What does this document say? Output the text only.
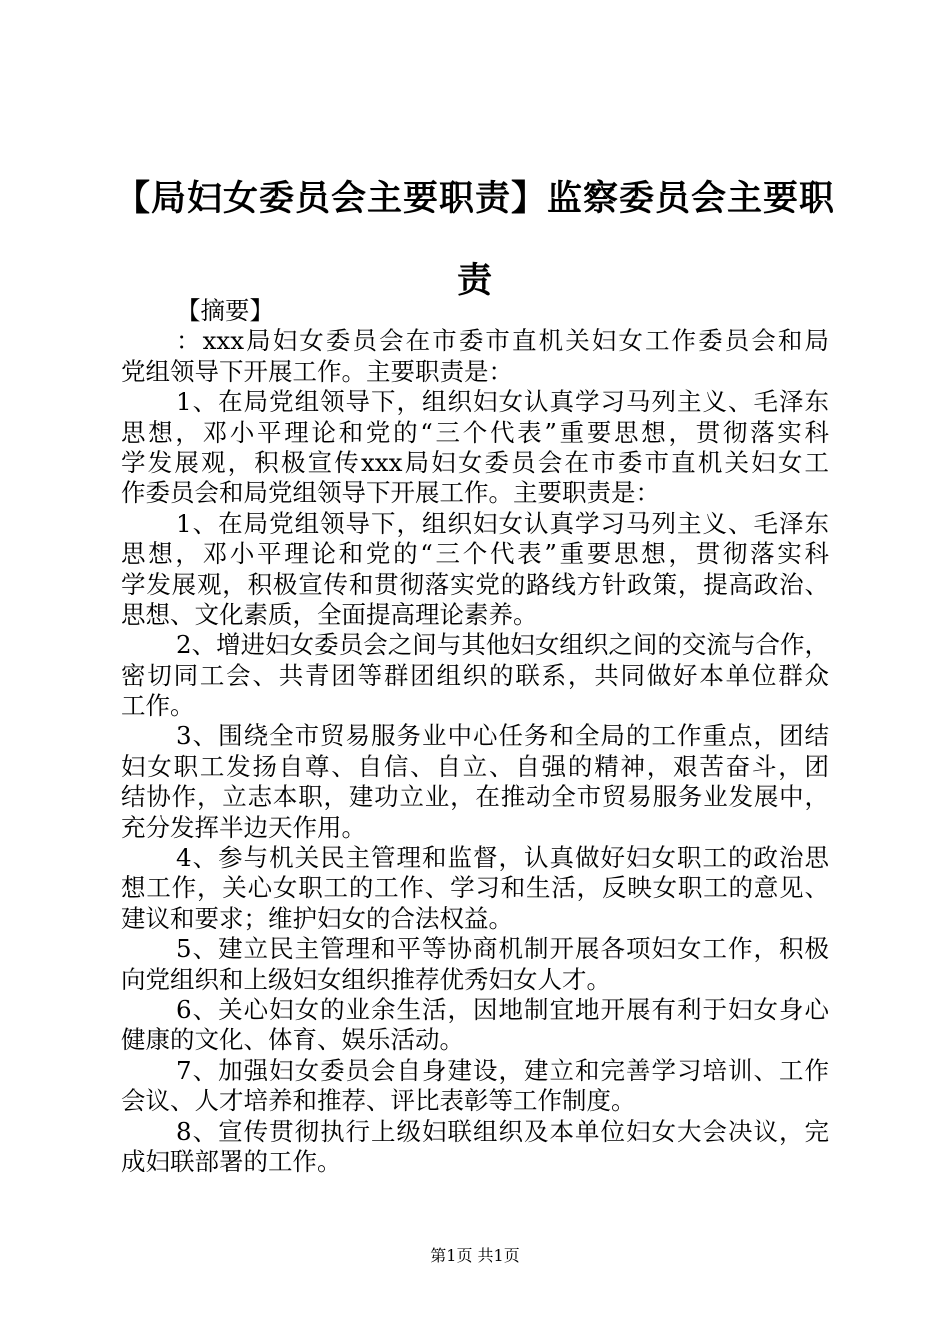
【局妇女委员会主要职责】监察委员会主要职
责
【摘要】
：xxx局妇女委员会在市委市直机关妇女工作委员会和局
党组领导下开展工作。主要职责是：
1、在局党组领导下，组织妇女认真学习马列主义、毛泽东
思想，邓小平理论和党的“三个代表”重要思想，贯彻落实科
学发展观，积极宣传xxx局妇女委员会在市委市直机关妇女工
作委员会和局党组领导下开展工作。主要职责是：
1、在局党组领导下，组织妇女认真学习马列主义、毛泽东
思想，邓小平理论和党的“三个代表”重要思想，贯彻落实科
学发展观，积极宣传和贯彻落实党的路线方针政策，提高政治、
思想、文化素质，全面提高理论素养。
2、增进妇女委员会之间与其他妇女组织之间的交流与合作，
密切同工会、共青团等群团组织的联系，共同做好本单位群众
工作。
3、围绕全市贸易服务业中心任务和全局的工作重点，团结
妇女职工发扬自尊、自信、自立、自强的精神，艰苦奋斗，团
结协作，立志本职，建功立业，在推动全市贸易服务业发展中，
充分发挥半边天作用。
4、参与机关民主管理和监督，认真做好妇女职工的政治思
想工作，关心女职工的工作、学习和生活，反映女职工的意见、
建议和要求；维护妇女的合法权益。
5、建立民主管理和平等协商机制开展各项妇女工作，积极
向党组织和上级妇女组织推荐优秀妇女人才。
6、关心妇女的业余生活，因地制宜地开展有利于妇女身心
健康的文化、体育、娱乐活动。
7、加强妇女委员会自身建设，建立和完善学习培训、工作
会议、人才培养和推荐、评比表彰等工作制度。
8、宣传贯彻执行上级妇联组织及本单位妇女大会决议，完
成妇联部署的工作。
第1页 共1页
